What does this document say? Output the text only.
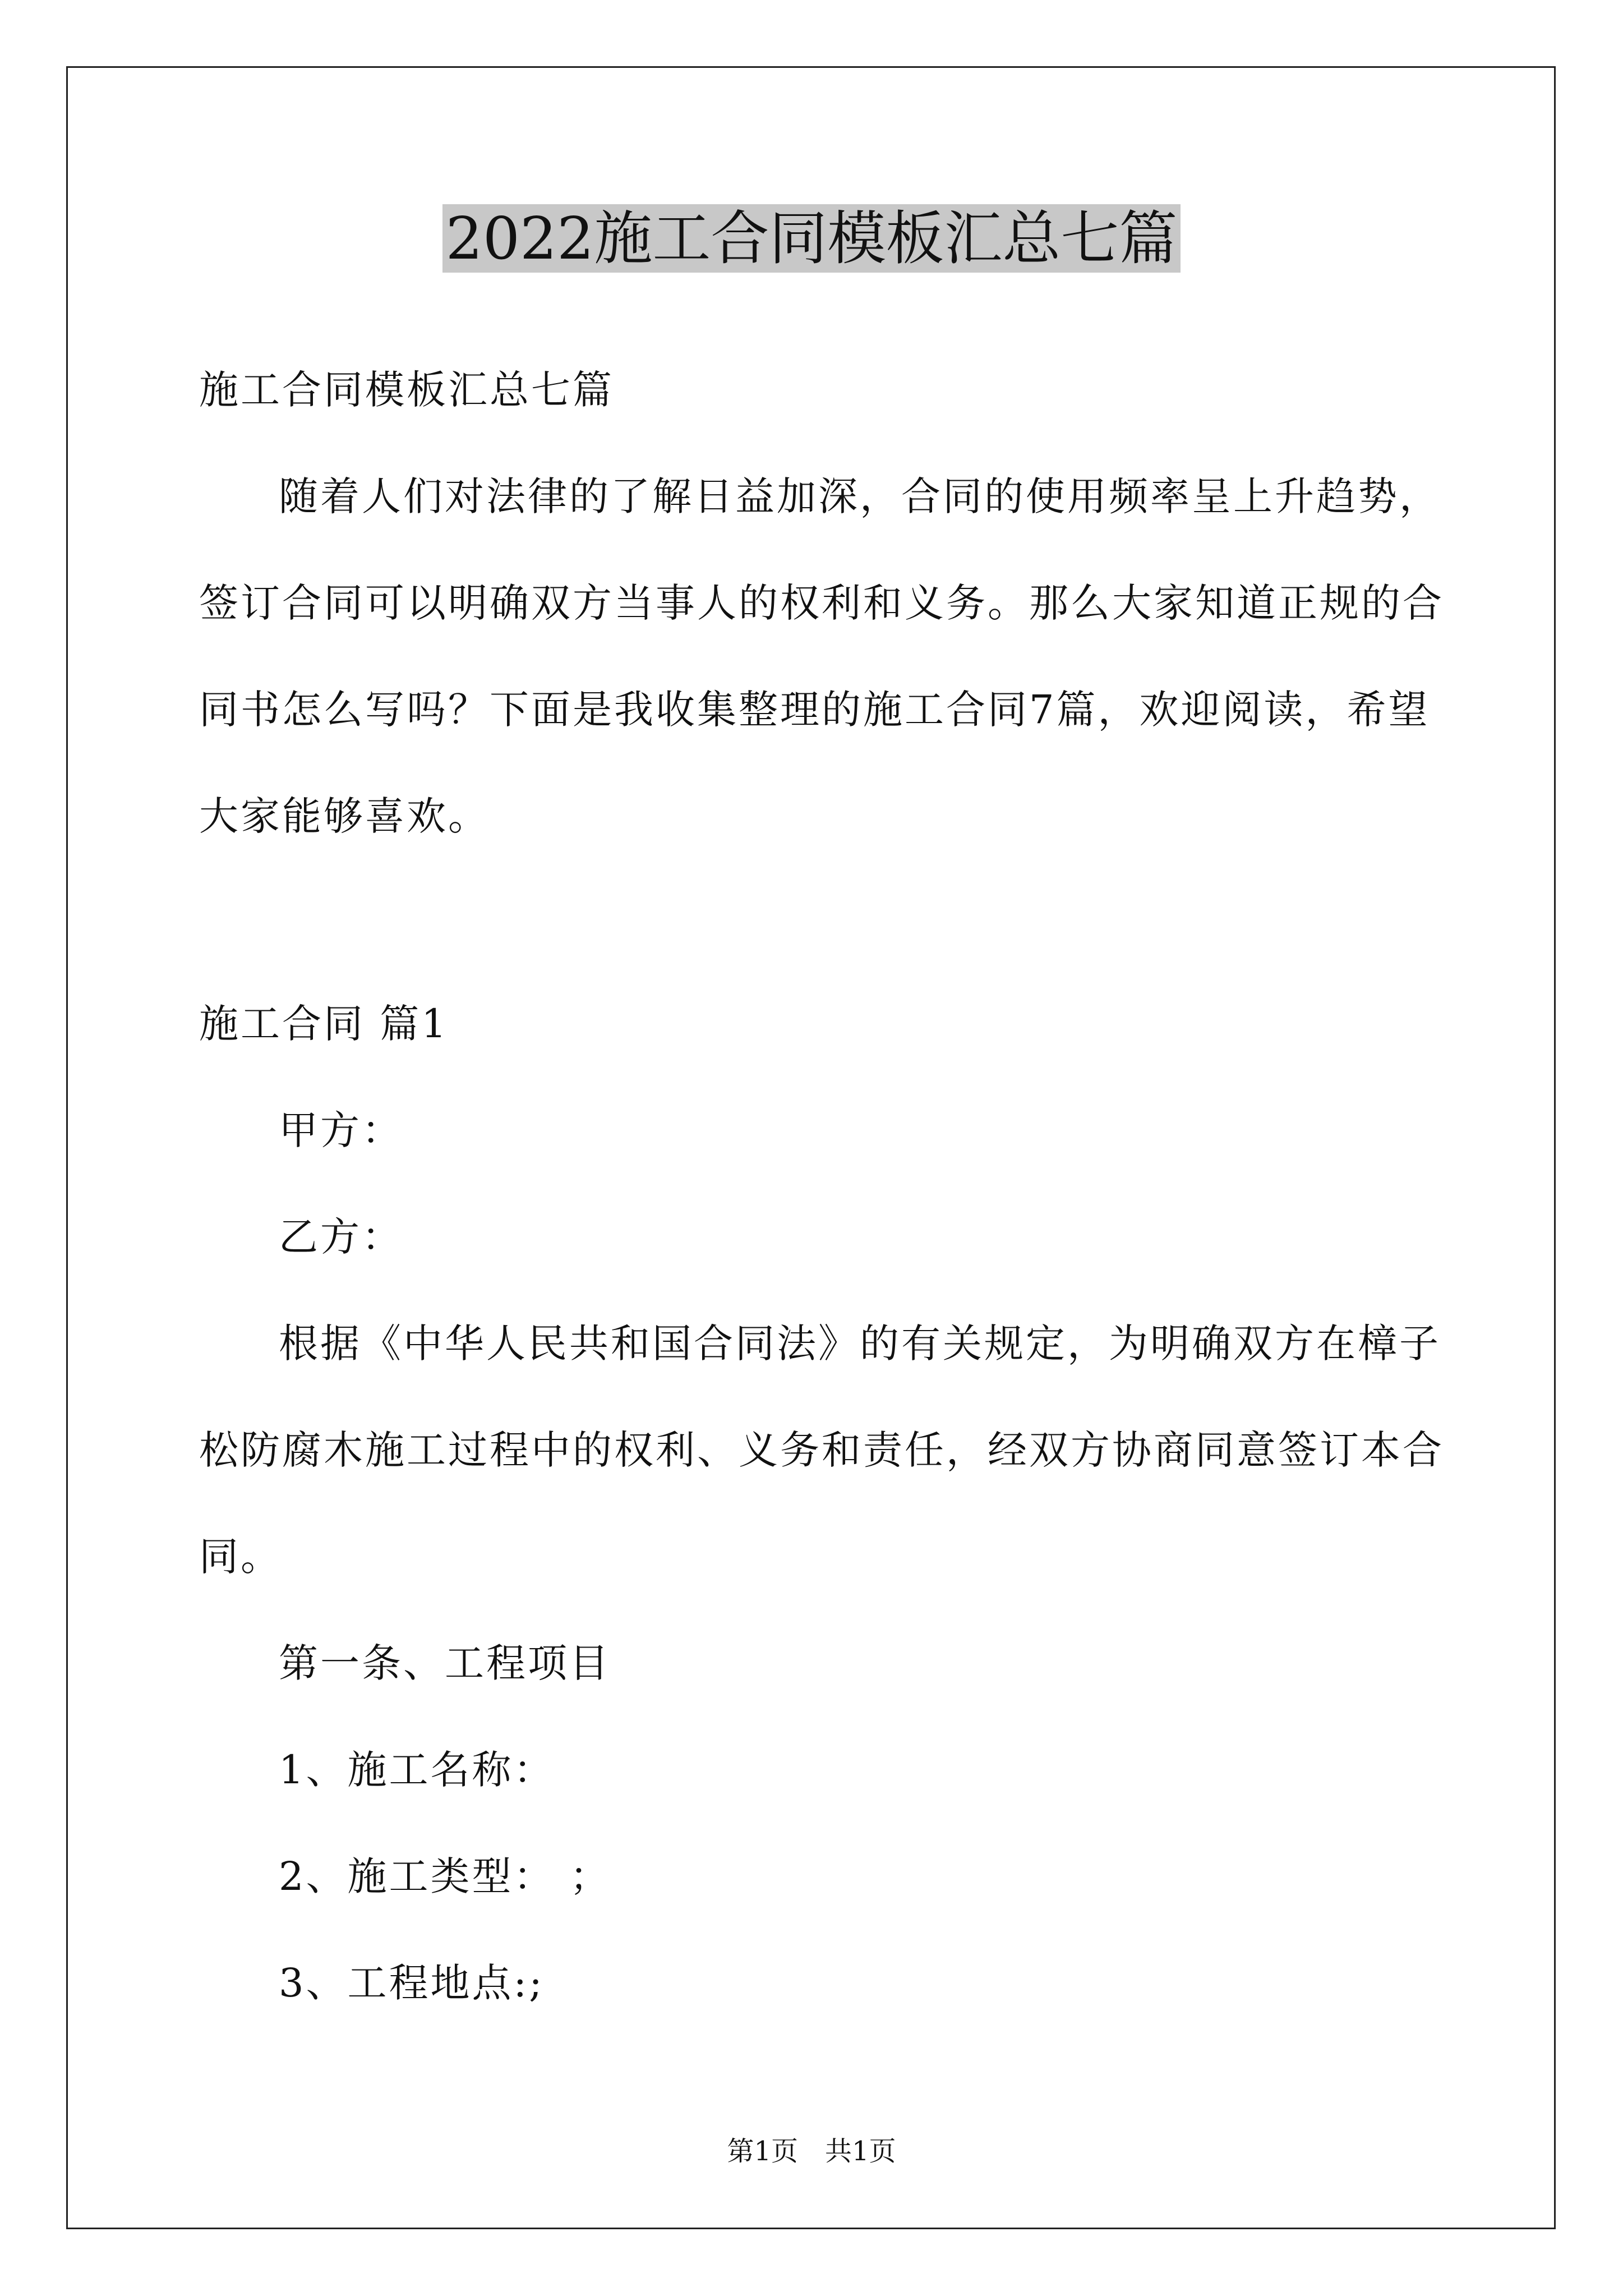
2022施工合同模板汇总七篇
施工合同模板汇总七篇
随着人们对法律的了解日益加深，合同的使用频率呈上升趋势，
签订合同可以明确双方当事人的权利和义务。那么大家知道正规的合
同书怎么写吗？下面是我收集整理的施工合同7篇，欢迎阅读，希望
大家能够喜欢。
施工合同 篇1
甲方：
乙方：
根据《中华人民共和国合同法》的有关规定，为明确双方在樟子
松防腐木施工过程中的权利、义务和责任，经双方协商同意签订本合
同。
第一条、工程项目
1、施工名称：
2、施工类型： ；
3、工程地点:;
第1页 共1页
